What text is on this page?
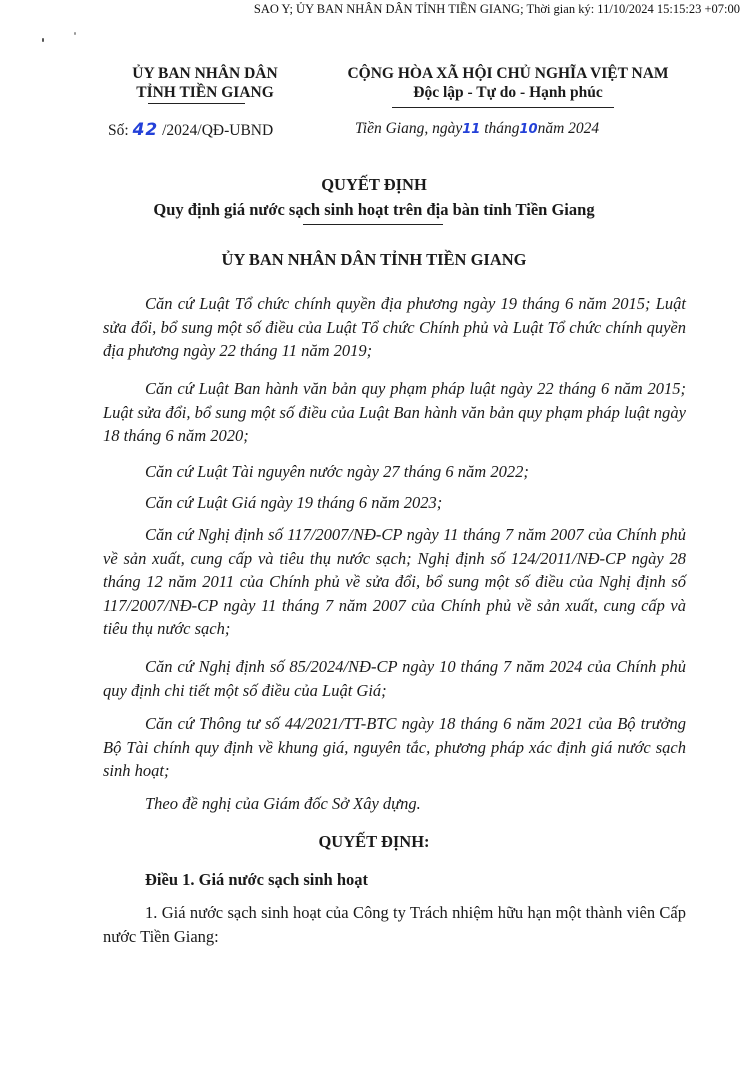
SAO Y; ỦY BAN NHÂN DÂN TỈNH TIỀN GIANG; Thời gian ký: 11/10/2024 15:15:23 +07:00
ỦY BAN NHÂN DÂN
TỈNH TIỀN GIANG
CỘNG HÒA XÃ HỘI CHỦ NGHĨA VIỆT NAM
Độc lập - Tự do - Hạnh phúc
Số: 42 /2024/QĐ-UBND	Tiền Giang, ngày11 tháng10năm 2024
QUYẾT ĐỊNH
Quy định giá nước sạch sinh hoạt trên địa bàn tỉnh Tiền Giang
ỦY BAN NHÂN DÂN TỈNH TIỀN GIANG

Căn cứ Luật Tổ chức chính quyền địa phương ngày 19 tháng 6 năm 2015; Luật sửa đổi, bổ sung một số điều của Luật Tổ chức Chính phủ và Luật Tổ chức chính quyền địa phương ngày 22 tháng 11 năm 2019;

Căn cứ Luật Ban hành văn bản quy phạm pháp luật ngày 22 tháng 6 năm 2015; Luật sửa đổi, bổ sung một số điều của Luật Ban hành văn bản quy phạm pháp luật ngày 18 tháng 6 năm 2020;

Căn cứ Luật Tài nguyên nước ngày 27 tháng 6 năm 2022;

Căn cứ Luật Giá ngày 19 tháng 6 năm 2023;

Căn cứ Nghị định số 117/2007/NĐ-CP ngày 11 tháng 7 năm 2007 của Chính phủ về sản xuất, cung cấp và tiêu thụ nước sạch; Nghị định số 124/2011/NĐ-CP ngày 28 tháng 12 năm 2011 của Chính phủ về sửa đổi, bổ sung một số điều của Nghị định số 117/2007/NĐ-CP ngày 11 tháng 7 năm 2007 của Chính phủ về sản xuất, cung cấp và tiêu thụ nước sạch;

Căn cứ Nghị định số 85/2024/NĐ-CP ngày 10 tháng 7 năm 2024 của Chính phủ quy định chi tiết một số điều của Luật Giá;

Căn cứ Thông tư số 44/2021/TT-BTC ngày 18 tháng 6 năm 2021 của Bộ trưởng Bộ Tài chính quy định về khung giá, nguyên tắc, phương pháp xác định giá nước sạch sinh hoạt;

Theo đề nghị của Giám đốc Sở Xây dựng.

QUYẾT ĐỊNH:
Điều 1. Giá nước sạch sinh hoạt

1. Giá nước sạch sinh hoạt của Công ty Trách nhiệm hữu hạn một thành viên Cấp nước Tiền Giang:
